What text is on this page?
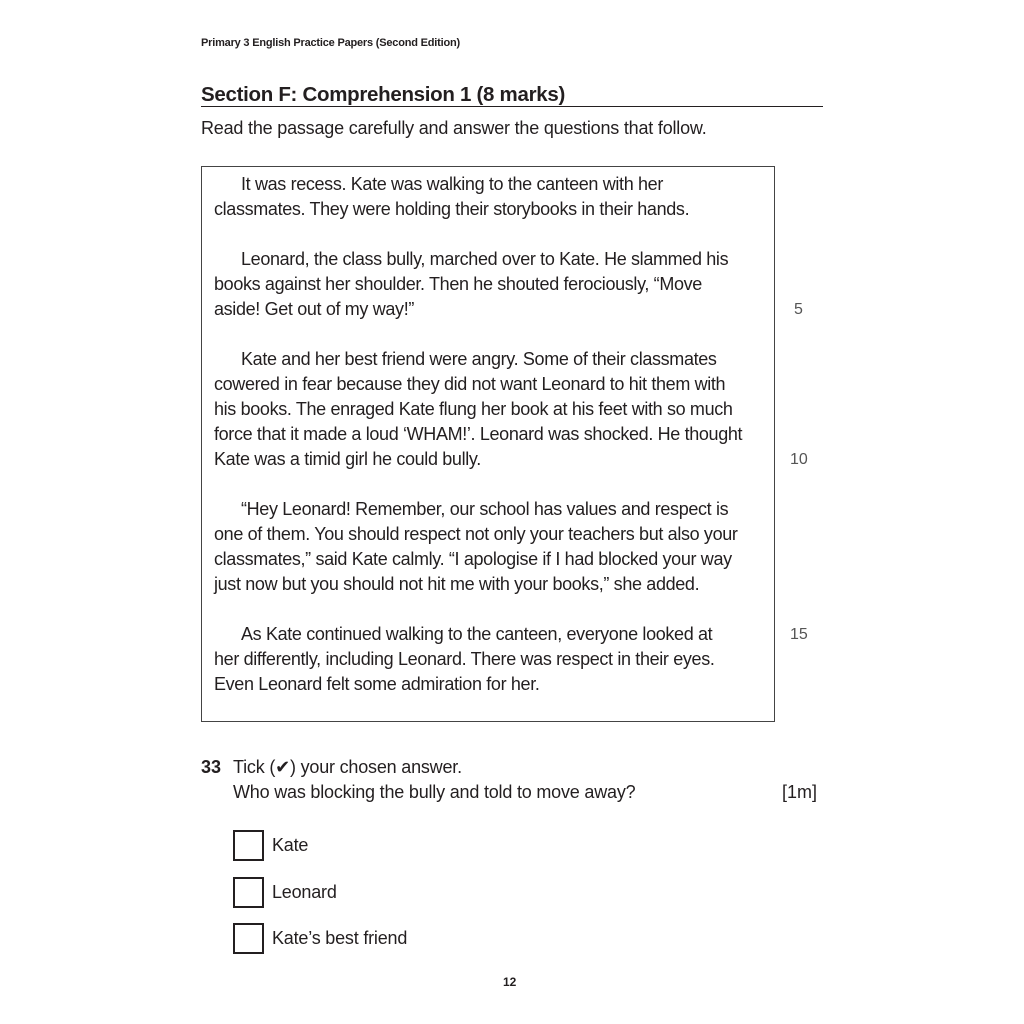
Primary 3 English Practice Papers (Second Edition)
Section F: Comprehension 1 (8 marks)
Read the passage carefully and answer the questions that follow.
It was recess. Kate was walking to the canteen with her
classmates. They were holding their storybooks in their hands.
Leonard, the class bully, marched over to Kate. He slammed his
books against her shoulder. Then he shouted ferociously, “Move
aside! Get out of my way!”
Kate and her best friend were angry. Some of their classmates
cowered in fear because they did not want Leonard to hit them with
his books. The enraged Kate flung her book at his feet with so much
force that it made a loud ‘WHAM!’. Leonard was shocked. He thought
Kate was a timid girl he could bully.
“Hey Leonard! Remember, our school has values and respect is
one of them. You should respect not only your teachers but also your
classmates,” said Kate calmly. “I apologise if I had blocked your way
just now but you should not hit me with your books,” she added.
As Kate continued walking to the canteen, everyone looked at
her differently, including Leonard. There was respect in their eyes.
Even Leonard felt some admiration for her.
5
10
15
33 Tick (✔) your chosen answer.
Who was blocking the bully and told to move away?	[1m]
Kate
Leonard
Kate’s best friend
12
